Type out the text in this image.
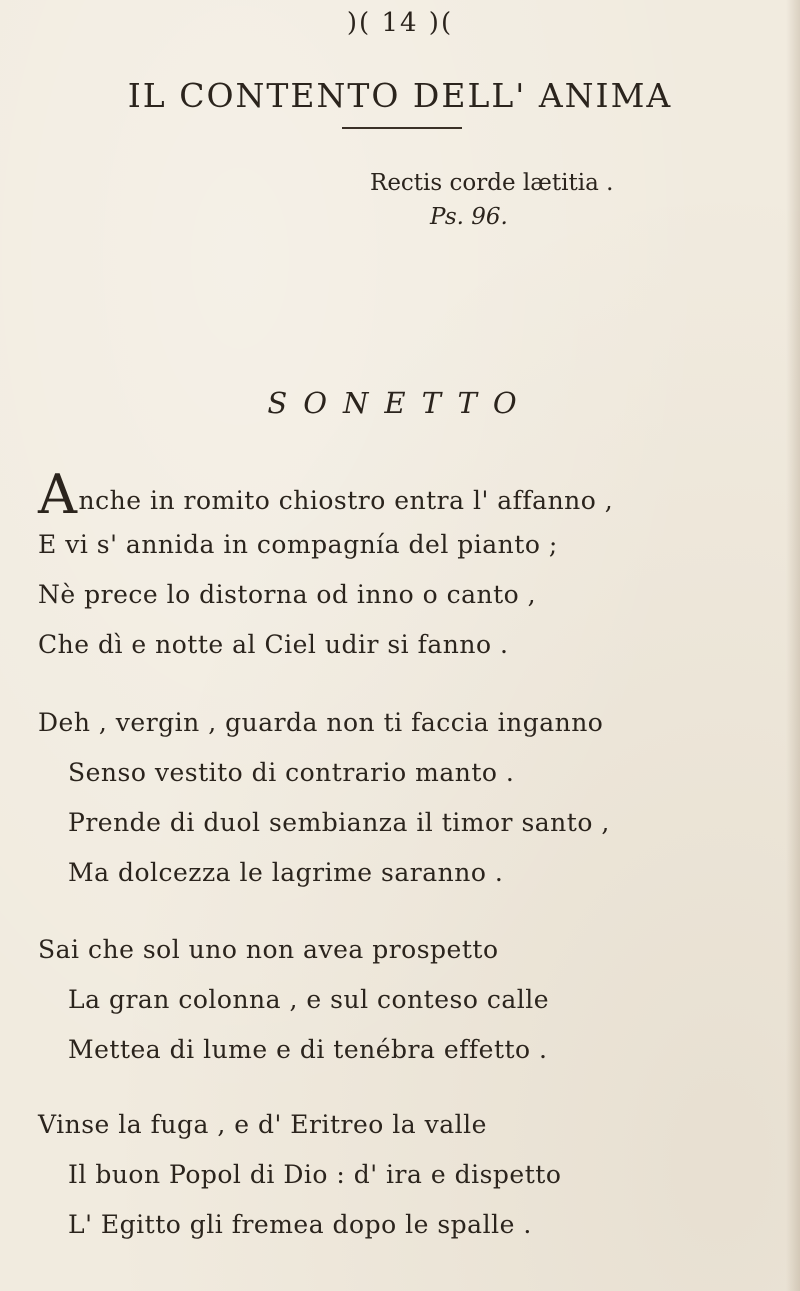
)( 14 )(
IL CONTENTO DELL' ANIMA
Rectis corde lætitia .
Ps. 96.
SONETTO
Anche in romito chiostro entra l' affanno ,
E vi s' annida in compagnía del pianto ;
Nè prece lo distorna od inno o canto ,
Che dì e notte al Ciel udir si fanno .
Deh , vergin , guarda non ti faccia inganno
Senso vestito di contrario manto .
Prende di duol sembianza il timor santo ,
Ma dolcezza le lagrime saranno .
Sai che sol uno non avea prospetto
La gran colonna , e sul conteso calle
Mettea di lume e di tenébra effetto .
Vinse la fuga , e d' Eritreo la valle
Il buon Popol di Dio : d' ira e dispetto
L' Egitto gli fremea dopo le spalle .
